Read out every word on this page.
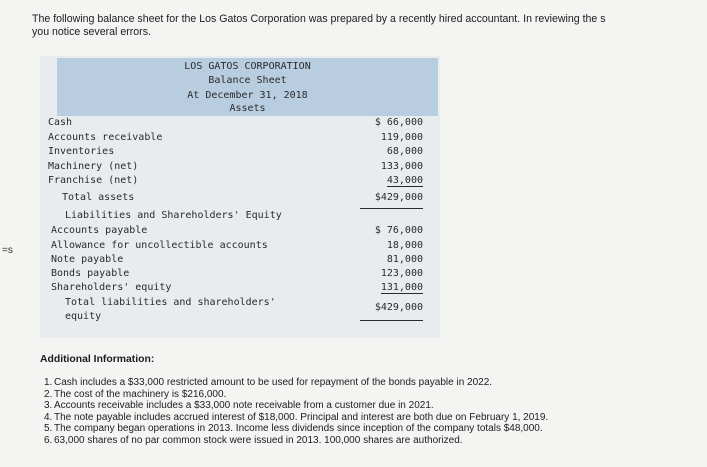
The following balance sheet for the Los Gatos Corporation was prepared by a recently hired accountant. In reviewing the s
you notice several errors.
=s
LOS GATOS CORPORATION
Balance Sheet
At December 31, 2018
Assets
Cash	$ 66,000
Accounts receivable	119,000
Inventories	68,000
Machinery (net)	133,000
Franchise (net)	43,000
Total assets	$429,000
Liabilities and Shareholders' Equity
Accounts payable	$ 76,000
Allowance for uncollectible accounts	18,000
Note payable	81,000
Bonds payable	123,000
Shareholders' equity	131,000
Total liabilities and shareholders'
equity
$429,000
Additional Information:
1. Cash includes a $33,000 restricted amount to be used for repayment of the bonds payable in 2022.
2. The cost of the machinery is $216,000.
3. Accounts receivable includes a $33,000 note receivable from a customer due in 2021.
4. The note payable includes accrued interest of $18,000. Principal and interest are both due on February 1, 2019.
5. The company began operations in 2013. Income less dividends since inception of the company totals $48,000.
6. 63,000 shares of no par common stock were issued in 2013. 100,000 shares are authorized.
